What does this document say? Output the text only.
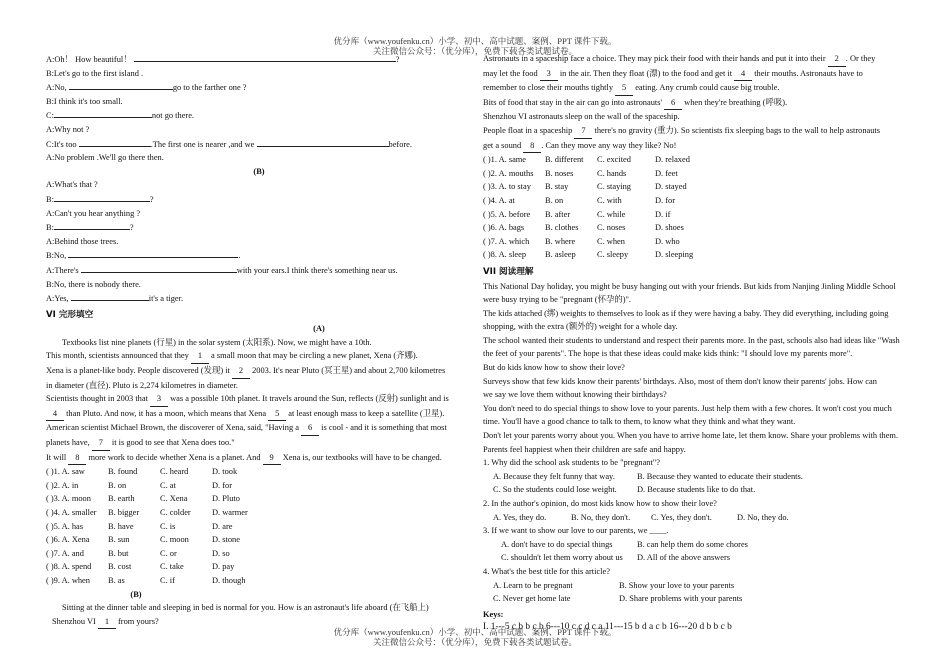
优分库（www.youfenku.cn）小学、初中、高中试题、案例、PPT 课件下载。
关注微信公众号：（优分库），免费下载各类试题试卷。

A:Oh！ How beautiful！	?

B:Let's go to the first island .

A:No,	go to the farther one ?

B:I think it's too small.

C:	not go there.

A:Why not ?

C:It's too	.The first one is nearer ,and we	before.

A:No problem .We'll go there then.

(B)

A:What's that ?

B:	?

A:Can't you hear anything ?

B:	?

A:Behind those trees.

B:No,	.

A:There's	with your ears.I think there's something near us.

B:No, there is nobody there.

A:Yes,	it's a tiger.

VI 完形填空

(A)

Textbooks list nine planets (行星) in the solar system (太阳系). Now, we might have a 10th.

This month, scientists announced that they 1 a small moon that may be circling a new planet, Xena (齐娜).

Xena is a planet-like body. People discovered (发现) it 2 2003. It's near Pluto (冥王星) and about 2,700 kilometres

in diameter (直径). Pluto is 2,274 kilometres in diameter.

Scientists thought in 2003 that 3 was a possible 10th planet. It travels around the Sun, reflects (反射) sunlight and is

4 than Pluto. And now, it has a moon, which means that Xena 5 at least enough mass to keep a satellite (卫星).

American scientist Michael Brown, the discoverer of Xena, said, "Having a 6 is cool - and it is something that most

planets have, 7 it is good to see that Xena does too."

It will 8 more work to decide whether Xena is a planet. And 9 Xena is, our textbooks will have to be changed.

( )1. A. saw	B. found	C. heard	D. took

( )2. A. in	B. on	C. at	D. for

( )3. A. moon B. earth	C. Xena	D. Pluto

( )4. A. smaller B. bigger C. colder	D. warmer

( )5. A. has	B. have	C. is	D. are

( )6. A. Xena B. sun	C. moon	D. stone

( )7. A. and	B. but	C. or	D. so

( )8. A. spend B. cost	C. take	D. pay

( )9. A. when B. as	C. if	D. though

(B)

Sitting at the dinner table and sleeping in bed is normal for you. How is an astronaut's life aboard (在飞船上)

Shenzhou VI 1 from yours?

Astronauts in a spaceship face a choice. They may pick their food with their hands and put it into their 2 . Or they

may let the food 3 in the air. Then they float (漂) to the food and get it 4 their mouths. Astronauts have to

remember to close their mouths tightly 5 eating. Any crumb could cause big trouble.

Bits of food that stay in the air can go into astronauts' 6 when they're breathing (呼吸).

Shenzhou VI astronauts sleep on the wall of the spaceship.

People float in a spaceship 7 there's no gravity (重力). So scientists fix sleeping bags to the wall to help astronauts

get a sound 8 . Can they move any way they like? No!

( )1. A. same B. different C. excited	D. relaxed

( )2. A. mouths B. noses	C. hands	D. feet

( )3. A. to stay B. stay	C. staying	D. stayed

( )4. A. at	B. on	C. with	D. for

( )5. A. before B. after	C. while	D. if

( )6. A. bags B. clothes C. noses	D. shoes

( )7. A. which B. where	C. when	D. who

( )8. A. sleep B. asleep	C. sleepy	D. sleeping

VII 阅读理解

This National Day holiday, you might be busy hanging out with your friends. But kids from Nanjing Jinling Middle School

were busy trying to be "pregnant (怀孕的)".

The kids attached (绑) weights to themselves to look as if they were having a baby. They did everything, including going

shopping, with the extra (额外的) weight for a whole day.

The school wanted their students to understand and respect their parents more. In the past, schools also had ideas like "Wash

the feet of your parents". The hope is that these ideas could make kids think: "I should love my parents more".

But do kids know how to show their love?

Surveys show that few kids know their parents' birthdays. Also, most of them don't know their parents' jobs. How can

we say we love them without knowing their birthdays?

You don't need to do special things to show love to your parents. Just help them with a few chores. It won't cost you much

time. You'll have a good chance to talk to them, to know what they think and what they want.

Don't let your parents worry about you. When you have to arrive home late, let them know. Share your problems with them.

Parents feel happiest when their children are safe and happy.

1. Why did the school ask students to be "pregnant"?

A. Because they felt funny that way.	B. Because they wanted to educate their students.

C. So the students could lose weight. D. Because students like to do that.

2. In the author's opinion, do most kids know how to show their love?

A. Yes, they do.	B. No, they don't. C. Yes, they don't.	D. No, they do.

3. If we want to show our love to our parents, we ____.

A. don't have to do special things	B. can help them do some chores

C. shouldn't let them worry about us D. All of the above answers

4. What's the best title for this article?

A. Learn to be pregnant	B. Show your love to your parents

C. Never get home late	D. Share problems with your parents

Keys:

I. 1---5 c b b c b 6---10 c c d c a 11---15 b d a c b 16---20 d b b c b

优分库（www.youfenku.cn）小学、初中、高中试题、案例、PPT 课件下载。
关注微信公众号：（优分库），免费下载各类试题试卷。
